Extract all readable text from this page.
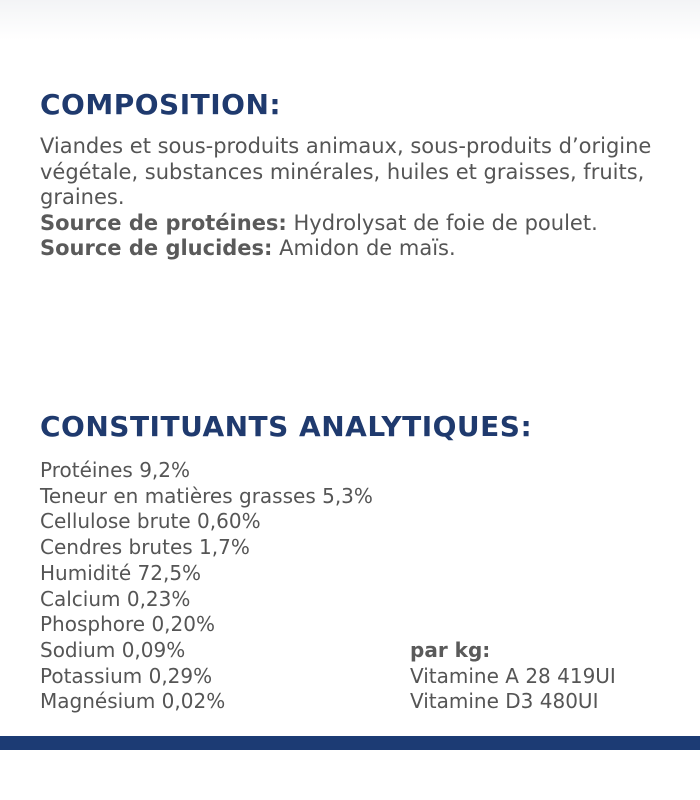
COMPOSITION:

Viandes et sous-produits animaux, sous-produits d’origine végétale, substances minérales, huiles et graisses, fruits, graines.

Source de protéines: Hydrolysat de foie de poulet.

Source de glucides: Amidon de maïs.

CONSTITUANTS ANALYTIQUES:
Protéines 9,2%
Teneur en matières grasses 5,3%
Cellulose brute 0,60%
Cendres brutes 1,7%
Humidité 72,5%
Calcium 0,23%
Phosphore 0,20%
Sodium 0,09%
Potassium 0,29%
Magnésium 0,02%
par kg:
Vitamine A 28 419UI
Vitamine D3 480UI
